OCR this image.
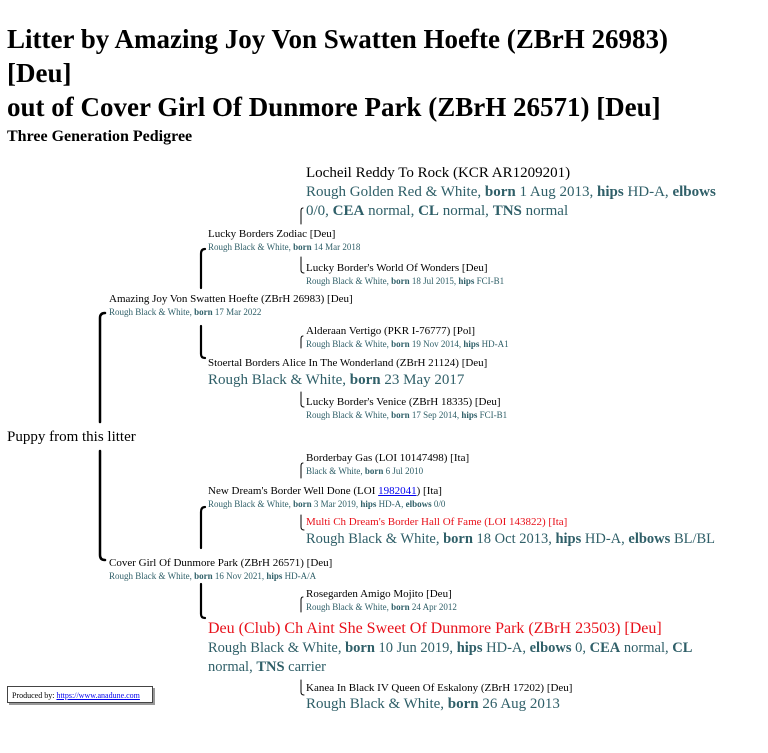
Litter by Amazing Joy Von Swatten Hoefte (ZBrH 26983)
[Deu]
out of Cover Girl Of Dunmore Park (ZBrH 26571) [Deu]
Three Generation Pedigree
Locheil Reddy To Rock (KCR AR1209201)
Rough Golden Red & White, born 1 Aug 2013, hips HD-A, elbows
0/0, CEA normal, CL normal, TNS normal
Lucky Borders Zodiac [Deu]
Rough Black & White, born 14 Mar 2018
Lucky Border's World Of Wonders [Deu]
Rough Black & White, born 18 Jul 2015, hips FCI-B1
Amazing Joy Von Swatten Hoefte (ZBrH 26983) [Deu]
Rough Black & White, born 17 Mar 2022
Alderaan Vertigo (PKR I-76777) [Pol]
Rough Black & White, born 19 Nov 2014, hips HD-A1
Stoertal Borders Alice In The Wonderland (ZBrH 21124) [Deu]
Rough Black & White, born 23 May 2017
Lucky Border's Venice (ZBrH 18335) [Deu]
Rough Black & White, born 17 Sep 2014, hips FCI-B1
Puppy from this litter
Borderbay Gas (LOI 10147498) [Ita]
Black & White, born 6 Jul 2010
New Dream's Border Well Done (LOI 1982041) [Ita]
Rough Black & White, born 3 Mar 2019, hips HD-A, elbows 0/0
Multi Ch Dream's Border Hall Of Fame (LOI 143822) [Ita]
Rough Black & White, born 18 Oct 2013, hips HD-A, elbows BL/BL
Cover Girl Of Dunmore Park (ZBrH 26571) [Deu]
Rough Black & White, born 16 Nov 2021, hips HD-A/A
Rosegarden Amigo Mojito [Deu]
Rough Black & White, born 24 Apr 2012
Deu (Club) Ch Aint She Sweet Of Dunmore Park (ZBrH 23503) [Deu]
Rough Black & White, born 10 Jun 2019, hips HD-A, elbows 0, CEA normal, CL
normal, TNS carrier
Kanea In Black IV Queen Of Eskalony (ZBrH 17202) [Deu]
Rough Black & White, born 26 Aug 2013
Produced by: https://www.anadune.com
